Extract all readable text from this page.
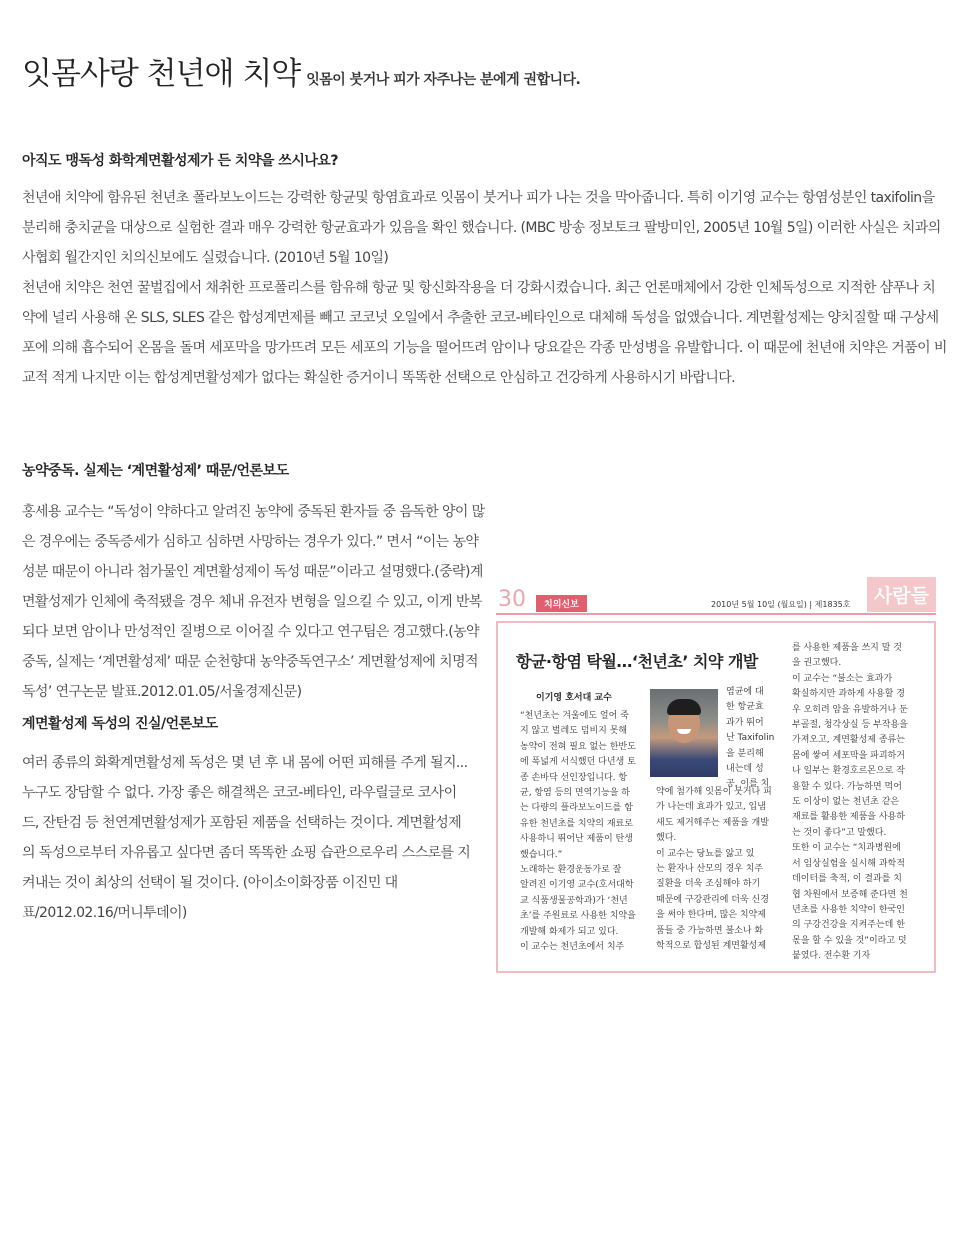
잇몸사랑 천년애 치약 잇몸이 붓거나 피가 자주나는 분에게 권합니다.
아직도 맹독성 화학계면활성제가 든 치약을 쓰시나요?
천년애 치약에 함유된 천년초 폴라보노이드는 강력한 항균및 항염효과로 잇몸이 붓거나 피가 나는 것을 막아줍니다. 특히 이기영 교수는 항염성분인 taxifolin을 분리해 충치균을 대상으로 실험한 결과 매우 강력한 항균효과가 있음을 확인 했습니다. (MBC 방송 정보토크 팔방미인, 2005년 10월 5일) 이러한 사실은 치과의사협회 월간지인 치의신보에도 실렸습니다. (2010년 5월 10일)
천년애 치약은 천연 꿀벌집에서 채취한 프로폴리스를 함유해 항균 및 항신화작용을 더 강화시켰습니다. 최근 언론매체에서 강한 인체독성으로 지적한 샴푸나 치약에 널리 사용해 온 SLS, SLES 같은 합성계면제를 빼고 코코넛 오일에서 추출한 코코-베타인으로 대체해 독성을 없앴습니다. 계면활성제는 양치질할 때 구상세포에 의해 흡수되어 온몸을 돌며 세포막을 망가뜨려 모든 세포의 기능을 떨어뜨려 암이나 당요같은 각종 만성병을 유발합니다. 이 때문에 천년애 치약은 거품이 비교적 적게 나지만 이는 합성계면활성제가 없다는 확실한 증거이니 똑똑한 선택으로 안심하고 건강하게 사용하시기 바랍니다.
농약중독. 실제는 ‘계면활성제’ 때문/언론보도
홍세용 교수는 “독성이 약하다고 알려진 농약에 중독된 환자들 중 음독한 양이 많은 경우에는 중독증세가 심하고 심하면 사망하는 경우가 있다.” 면서 “이는 농약 성분 때문이 아니라 첨가물인 계면활성제이 독성 때문”이라고 설명했다.(중략)계면활성제가 인체에 축적됐을 경우 체내 유전자 변형을 일으킬 수 있고, 이게 반복되다 보면 암이나 만성적인 질병으로 이어질 수 있다고 연구팀은 경고했다.(농약중독, 실제는 ‘계면활성제’ 때문 순천향대 농약중독연구소’ 계면활성제에 치명적 독성’ 연구논문 발표.2012.01.05/서울경제신문)
계면활성제 독성의 진실/언론보도
여러 종류의 화확계면활성제 독성은 몇 년 후 내 몸에 어떤 피해를 주게 될지... 누구도 장담할 수 없다. 가장 좋은 해결책은 코코-베타인, 라우릴글로 코사이드, 잔탄검 등 천연계면활성제가 포함된 제품을 선택하는 것이다. 계면활성제의 독성으로부터 자유롭고 싶다면 좀더 똑똑한 쇼핑 습관으로우리 스스로를 지켜내는 것이 최상의 선택이 될 것이다. (아이소이화장품 이진민 대표/2012.02.16/머니투데이)
30	치의신보	2010년 5월 10일 (월요일) | 제1835호	사람들
항균·항염 탁월…‘천년초’ 치약 개발
이기영 호서대 교수
“천년초는 겨울에도 얼어 죽
지 않고 벌레도 덤비지 못해
농약이 전혀 필요 없는 한반도
에 폭넓게 서식했던 다년생 토
종 손바닥 선인장입니다. 항
균, 항염 등의 면역기능을 하
는 다량의 플라보노이드를 함
유한 천년초를 치약의 재료로
사용하니 뛰어난 제품이 탄생
했습니다.”
노래하는 환경운동가로 잘
알려진 이기영 교수(호서대학
교 식품생물공학과)가 ‘천년
초’를 주원료로 사용한 치약을
개발해 화제가 되고 있다.
이 교수는 천년초에서 치주
염균에 대
한 항균효
과가 뛰어
난 Taxifolin
을 분리해
내는데 성
공, 이를 치
약에 첨가해 잇몸이 붓거나 피
가 나는데 효과가 있고, 입냄
새도 제거해주는 제품을 개발
했다.
이 교수는 당뇨를 앓고 있
는 환자나 산모의 경우 치주
질환을 더욱 조심해야 하기
때문에 구강관리에 더욱 신경
을 써야 한다며, 많은 치약제
품들 중 가능하면 불소나 화
학적으로 합성된 계면활성제
를 사용한 제품을 쓰지 말 것
을 권고했다.
이 교수는 “불소는 효과가
확실하지만 과하게 사용할 경
우 오히려 암을 유발하거나 둔
부골절, 청각상실 등 부작용을
가져오고, 계면활성제 종류는
몸에 쌓여 세포막을 파괴하거
나 일부는 환경호르몬으로 작
용할 수 있다. 가능하면 먹어
도 이상이 없는 천년초 같은
재료를 활용한 제품을 사용하
는 것이 좋다”고 말했다.
또한 이 교수는 “치과병원에
서 임상실험을 실시해 과학적
데이터를 축적, 이 결과를 치
협 차원에서 보증해 준다면 천
년초를 사용한 치약이 한국인
의 구강건강을 지켜주는데 한
몫을 할 수 있을 것”이라고 덧
붙였다. 전수환 기자
